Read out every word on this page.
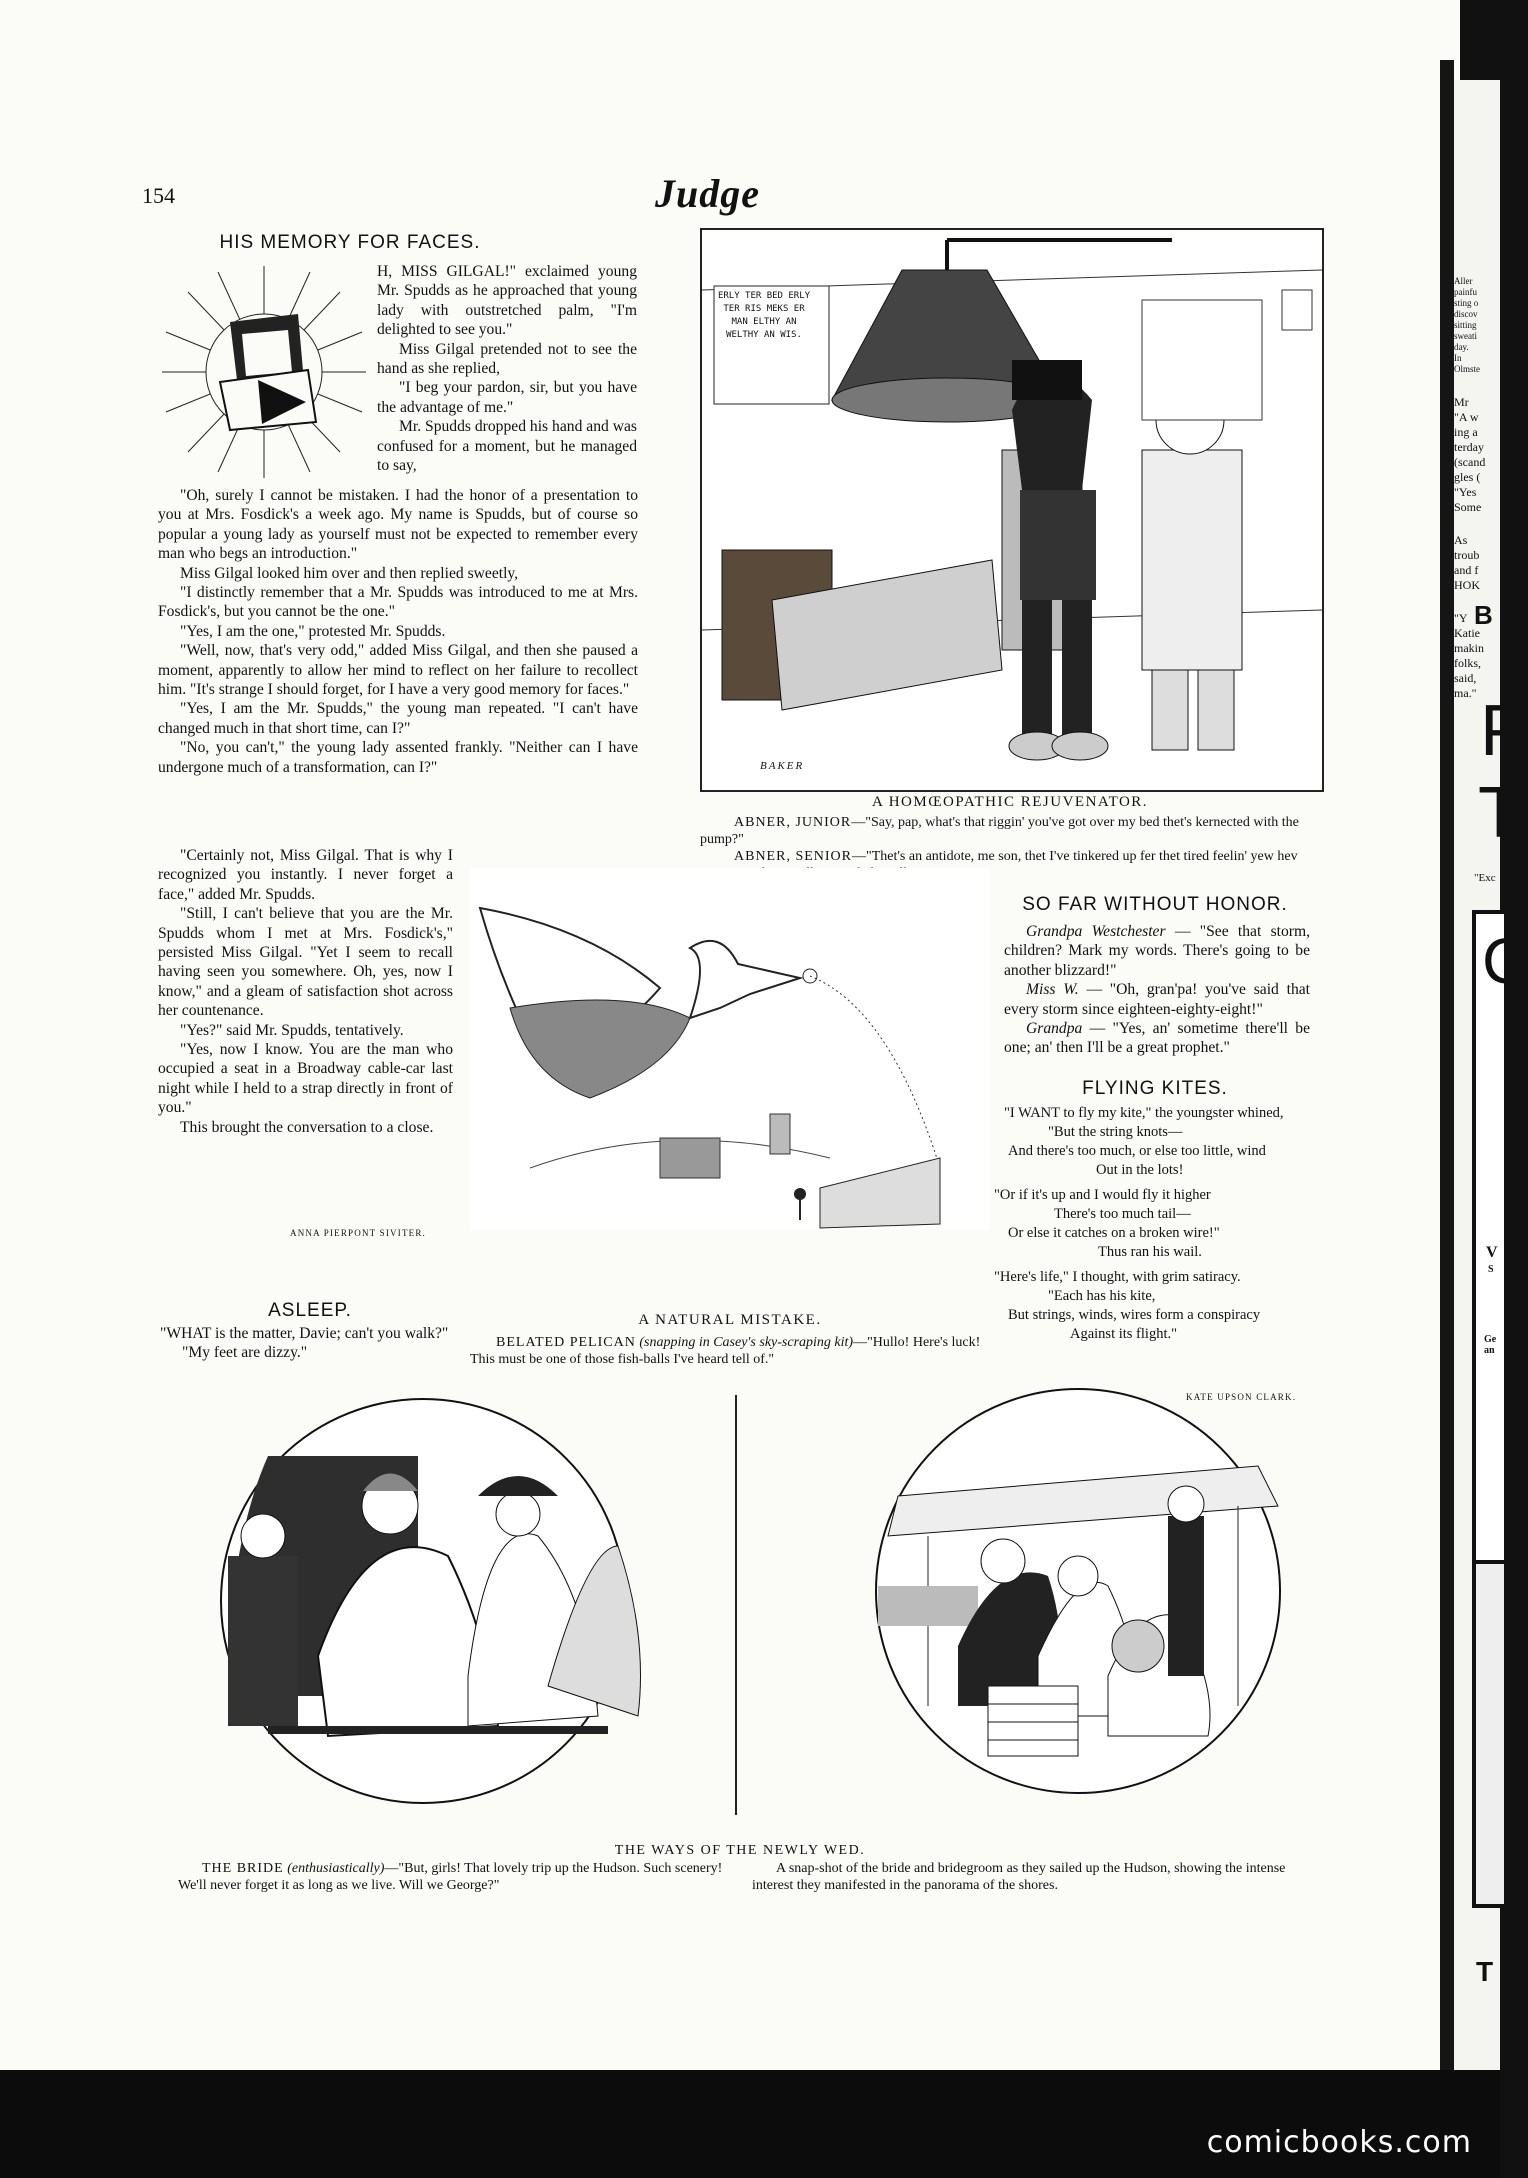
154	Judge
HIS MEMORY FOR FACES.

H, MISS GILGAL!" exclaimed young Mr. Spudds as he approached that young lady with outstretched palm, "I'm delighted to see you."

Miss Gilgal pretended not to see the hand as she replied,

"I beg your pardon, sir, but you have the advantage of me."

Mr. Spudds dropped his hand and was confused for a moment, but he managed to say,

"Oh, surely I cannot be mistaken. I had the honor of a presentation to you at Mrs. Fosdick's a week ago. My name is Spudds, but of course so popular a young lady as yourself must not be expected to remember every man who begs an introduction."

Miss Gilgal looked him over and then replied sweetly,

"I distinctly remember that a Mr. Spudds was introduced to me at Mrs. Fosdick's, but you cannot be the one."

"Yes, I am the one," protested Mr. Spudds.

"Well, now, that's very odd," added Miss Gilgal, and then she paused a moment, apparently to allow her mind to reflect on her failure to recollect him. "It's strange I should forget, for I have a very good memory for faces."

"Yes, I am the Mr. Spudds," the young man repeated. "I can't have changed much in that short time, can I?"

"No, you can't," the young lady assented frankly. "Neither can I have undergone much of a transformation, can I?"

"Certainly not, Miss Gilgal. That is why I recognized you instantly. I never forget a face," added Mr. Spudds.

"Still, I can't believe that you are the Mr. Spudds whom I met at Mrs. Fosdick's," persisted Miss Gilgal. "Yet I seem to recall having seen you somewhere. Oh, yes, now I know," and a gleam of satisfaction shot across her countenance.

"Yes?" said Mr. Spudds, tentatively.

"Yes, now I know. You are the man who occupied a seat in a Broadway cable-car last night while I held to a strap directly in front of you."

This brought the conversation to a close.

ANNA PIERPONT SIVITER.
ERLY TER BED ERLY TER RIS MEKS ER MAN ELTHY AN WELTHY AN WIS.
BAKER
A HOMŒOPATHIC REJUVENATOR.
ABNER, JUNIOR—"Say, pap, what's that riggin' you've got over my bed thet's kernected with the pump?"
ABNER, SENIOR—"Thet's an antidote, me son, thet I've tinkered up fer thet tired feelin' yew hev
SO FAR WITHOUT HONOR.

Grandpa Westchester — "See that storm, children? Mark my words. There's going to be another blizzard!"

Miss W. — "Oh, gran'pa! you've said that every storm since eighteen-eighty-eight!"

Grandpa — "Yes, an' sometime there'll be one; an' then I'll be a great prophet."

FLYING KITES.
"I WANT to fly my kite," the youngster whined,
"But the string knots—
And there's too much, or else too little, wind
Out in the lots!
"Or if it's up and I would fly it higher
There's too much tail—
Or else it catches on a broken wire!"
Thus ran his wail.
"Here's life," I thought, with grim satiracy.
"Each has his kite,
But strings, winds, wires form a conspiracy
Against its flight."
KATE UPSON CLARK.
ASLEEP.

"WHAT is the matter, Davie; can't you walk?"

"My feet are dizzy."

A NATURAL MISTAKE.
BELATED PELICAN (snapping in Casey's sky-scraping kit)—"Hullo! Here's luck! This must be one of those fish-balls I've heard tell of."
THE WAYS OF THE NEWLY WED.
THE BRIDE (enthusiastically)—"But, girls! That lovely trip up the Hudson. Such scenery! We'll never forget it as long as we live. Will we George?"
A snap-shot of the bride and bridegroom as they sailed up the Hudson, showing the intense interest they manifested in the panorama of the shores.
Aller
painfu
sting o
discov
sitting
sweati
day.
In
Olmste
Mr
"A w
ing a
terday
(scand
gles (
"Yes
Some
As
troub
and f
HOK
"Y
Katie
makin
folks,
said,
ma."
B
P
T
"Exc
C
V
S
Ge
an
T
comicbooks.com
